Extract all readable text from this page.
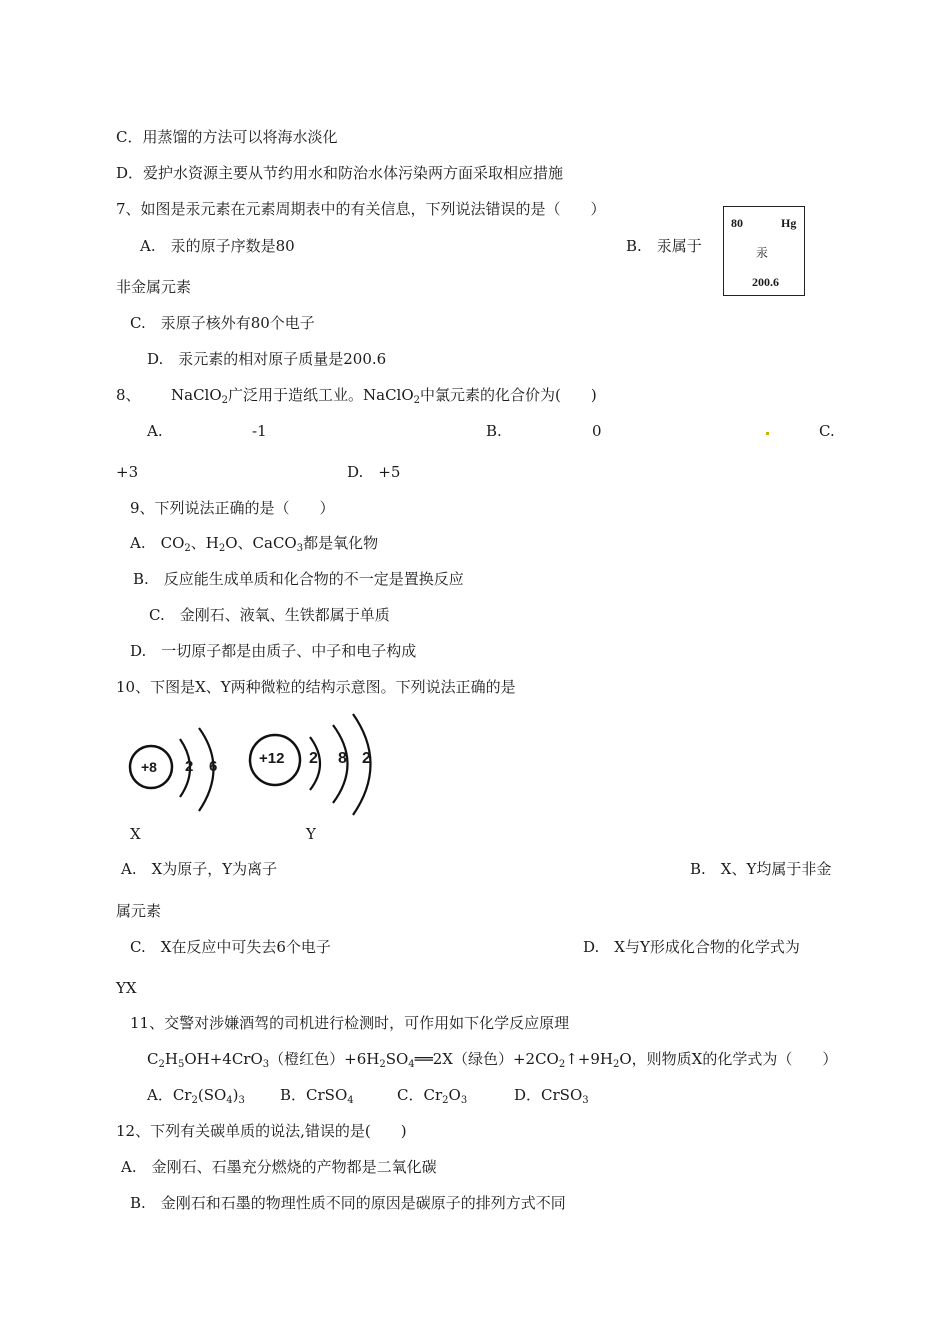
C．用蒸馏的方法可以将海水淡化
D．爱护水资源主要从节约用水和防治水体污染两方面采取相应措施
7、如图是汞元素在元素周期表中的有关信息，下列说法错误的是（　　）
A.　汞的原子序数是80	B.　汞属于
非金属元素
C.　汞原子核外有80个电子
D.　汞元素的相对原子质量是200.6
80	Hg
汞
200.6
8、 NaClO$_2$广泛用于造纸工业。NaClO$_2$中氯元素的化合价为(　　)
A.	-1	B.	0	C.
+3	D.　+5
9、下列说法正确的是（　　）
A.　$CO_2$、$H_2O$、CaCO$_3$都是氧化物
B.　反应能生成单质和化合物的不一定是置换反应
C.　金刚石、液氧、生铁都属于单质
D.　一切原子都是由质子、中子和电子构成
10、下图是X、Y两种微粒的结构示意图。下列说法正确的是
+8 2 6	+12 2 8 2
X	Y
A.　X为原子，Y为离子	B.　X、Y均属于非金
属元素
C.　X在反应中可失去6个电子	D.　X与Y形成化合物的化学式为
YX
11、交警对涉嫌酒驾的司机进行检测时，可作用如下化学反应原理
$C_2H_5OH+4CrO_3$（橙红色）$+6H_2SO_4══2X$（绿色）$+2CO_2↑+9H_2O$，则物质X的化学式为（　　）
A．$Cr_2(SO_4)_3$ B．CrSO$_4$	C．$Cr_2O_3$	D．CrSO$_3$
12、下列有关碳单质的说法,错误的是(　　)
A.　金刚石、石墨充分燃烧的产物都是二氧化碳
B.　金刚石和石墨的物理性质不同的原因是碳原子的排列方式不同
